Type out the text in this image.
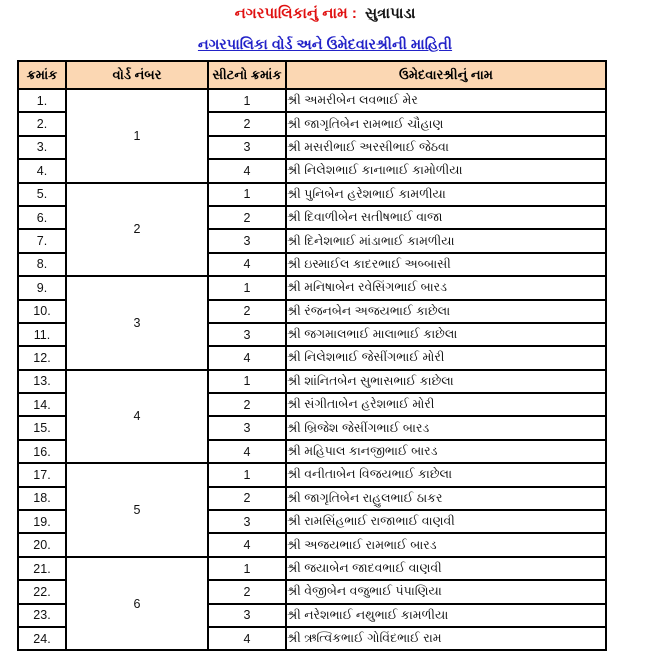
નગરપાલિકાનું નામ : સુત્રાપાડા
નગરપાલિકા વોર્ડ અને ઉમેદવારશ્રીની માહિતી
ક્રમાંક	વોર્ડ નંબર	સીટનો ક્રમાંક	ઉમેદવારશ્રીનું નામ
1.	1	1	શ્રી અમરીબેન લવભાઈ મેર
2.		2	શ્રી જાગૃતિબેન રામભાઈ ચૌહાણ
3.		3	શ્રી મસરીભાઈ અરસીભાઈ જેઠવા
4.		4	શ્રી નિલેશભાઈ કાનાભાઈ કામોળીયા
5.	2	1	શ્રી પુનિબેન હરેશભાઈ કામળીયા
6.		2	શ્રી દિવાળીબેન સતીષભાઈ વાજા
7.		3	શ્રી દિનેશભાઈ માંડાભાઈ કામળીયા
8.		4	શ્રી ઇસ્માઈલ કાદરભાઈ અબ્બાસી
9.	3	1	શ્રી મનિષાબેન રવેસિંગભાઈ બારડ
10.		2	શ્રી રંજનબેન અજયભાઈ કાછેલા
11.		3	શ્રી જગમાલભાઈ માલાભાઈ કાછેલા
12.		4	શ્રી નિલેશભાઈ જેસીંગભાઈ મોરી
13.	4	1	શ્રી શાંનિતબેન સુભાસભાઈ કાછેલા
14.		2	શ્રી સંગીતાબેન હરેશભાઈ મોરી
15.		3	શ્રી બ્રિજેશ જેસીંગભાઈ બારડ
16.		4	શ્રી મહિપાલ કાનજીભાઈ બારડ
17.	5	1	શ્રી વનીતાબેન વિજયભાઈ કાછેલા
18.		2	શ્રી જાગૃતિબેન રાહુલભાઈ ઠાકર
19.		3	શ્રી રામસિંહભાઈ રાજાભાઈ વાણવી
20.		4	શ્રી અજયભાઈ રામભાઈ બારડ
21.	6	1	શ્રી જયાબેન જાદવભાઈ વાણવી
22.		2	શ્રી વેજીબેન વજુભાઈ પંપાણિયા
23.		3	શ્રી નરેશભાઈ નથુભાઈ કામળીયા
24.		4	શ્રી ઋત્વિકભાઈ ગોવિંદભાઈ રામ
